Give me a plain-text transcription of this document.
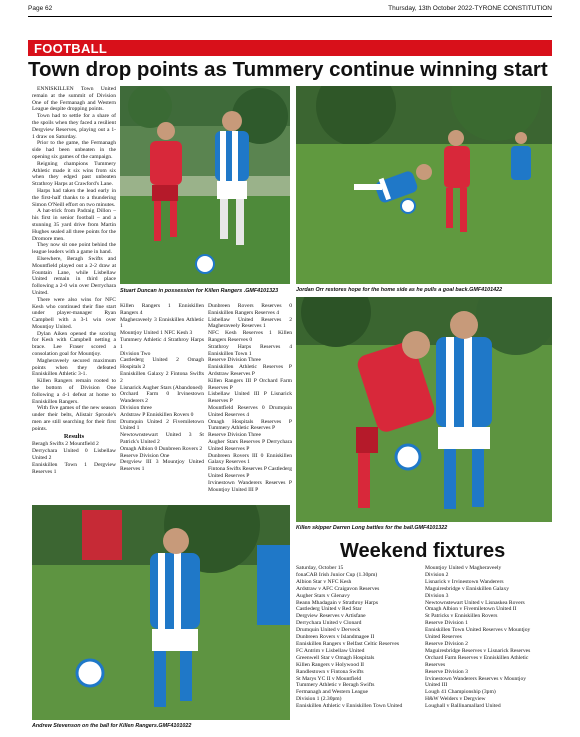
Page 62	Thursday, 13th October 2022-TYRONE CONSTITUTION
FOOTBALL
Town drop points as Tummery continue winning start

ENNISKILLEN Town United remain at the summit of Division One of the Fermanagh and Western League despite dropping points.

Town had to settle for a share of the spoils when they faced a resilient Dergview Reserves, playing out a 1-1 draw on Saturday.

Prior to the game, the Fermanagh side had been unbeaten in the opening six games of the campaign.

Reigning champions Tummery Athletic made it six wins from six when they edged past unbeaten Strathroy Harps at Crawford's Lane.

Harps had taken the lead early in the first-half thanks to a thundering Simon O'Neill effort on two minutes.

A hat-trick from Padraig Dillon – his first in senior football – and a stunning 35 yard drive from Martin Hughes sealed all three points for the Dromore men.

They now sit one point behind the league leaders with a game in hand.

Elsewhere, Beragh Swifts and Mountfield played out a 2-2 draw at Fountain Lane, while Lisbellaw United remain in third place following a 2-0 win over Derrychara United.

There were also wins for NFC Kesh who continued their fine start under player-manager Ryan Campbell with a 3-1 win over Mountjoy United.

Dylan Aiken opened the scoring for Kesh with Campbell netting a brace. Lee Fraser scored a consolation goal for Mountjoy.

Magheraveely secured maximum points when they defeated Enniskillen Athletic 3-1.

Killen Rangers remain rooted to the bottom of Division One following a 4-1 defeat at home to Enniskillen Rangers.

With five games of the new season under their belts, Alistair Sproule's men are still searching for their first points.

Results

Beragh Swifts 2 Mountfield 2

Derrychara United 0 Lisbellaw United 2

Enniskillen Town 1 Dergview Reserves 1

Stuart Duncan in possession for Killen Rangers .GMF4101323

Killen Rangers 1 Enniskillen Rangers 4

Magheraveely 3 Enniskillen Athletic 1

Mountjoy United 1 NFC Kesh 3

Tummery Athletic 4 Strathroy Harps 1

Division Two

Castlederg United 2 Omagh Hospitals 2

Enniskillen Galaxy 2 Fintona Swifts 2

Lisnarick Augher Stars (Abandoned)

Orchard Farm 0 Irvinestown Wanderers 2

Division three

Ardstraw P Enniskillen Rovers 0

Drumquin United 2 Fivemiletown United 1

Newtownstewart United 3 St Patrick's United 2

Omagh Albion 0 Dunbreen Rovers 2

Reserve Division One

Dergview III 3 Mountjoy United Reserves 1

Dunbreen Rovers Reserves 0 Enniskillen Rangers Reserves 4

Lisbellaw United Reserves 2 Magheraveely Reserves 1

NFC Kesh Reserves 1 Killen Rangers Reserves 0

Strathroy Harps Reserves 4 Enniskillen Town 1

Reserve Division Three

Enniskillen Athletic Reserves P Ardstraw Reserves P

Killen Rangers III P Orchard Farm Reserves P

Lisbellaw United III P Lisnarick Reserves P

Mountfield Reserves 0 Drumquin United Reserves 4

Omagh Hospitals Reserves P Tummery Athletic Reserves P

Reserve Division Three

Augher Stars Reserves P Derrychara United Reserves P

Dunbreen Rovers III 0 Enniskillen Galaxy Reserves 1

Fintona Swifts Reserves P Castlederg United Reserves P

Irvinestown Wanderers Reserves P Mountjoy United III P

Jordan Orr restores hope for the home side as he pulls a goal back.GMF4101422
Killen skipper Darren Long battles for the ball.GMF4101322
Andrew Stevenson on the ball for Killen Rangers.GMF4101022
Weekend fixtures
Saturday, October 15
fonaCAB Irish Junior Cup (1.30pm)
Albion Star v NFC Kesh
Ardstraw v AFC Craigavon Reserves
Augher Stars v Glenavy
Beann Mhadagain v Strathroy Harps
Castlederg United v Red Star
Dergview Reserves v Artisfane
Derrychara United v Clonard
Drumquin United v Derveck
Dunbreen Rovers v Islandmagee II
Enniskillen Rangers v Belfast Celtic Reserves
FC Antrim v Lisbellaw United
Greenwell Star v Omagh Hospitals
Killen Rangers v Holywood II
Randlestown v Fintona Swifts
St Marys YC II v Mountfield
Tummery Athletic v Beragh Swifts
Fermanagh and Western League
Division 1 (2.30pm)
Enniskillen Athletic v Enniskillen Town United
Mountjoy United v Magheraveely
Division 2
Lisnarick v Irvinestown Wanderers
Maguiresbridge v Enniskillen Galaxy
Division 3
Newtownstewart United v Lisnaskea Rovers
Omagh Albion v Fivemiletown United II
St Patricks v Enniskillen Rovers
Reserve Division 1
Enniskillen Town United Reserves v Mountjoy
United Reserves
Reserve Division 2
Maguiresbridge Reserves v Lisnarick Reserves
Orchard Farm Reserves v Enniskillen Athletic
Reserves
Reserve Division 3
Irvinestown Wanderers Reserves v Mountjoy
United III
Lough 41 Championship (3pm)
H&W Welders v Dergview
Loughall v Ballinamallard United
